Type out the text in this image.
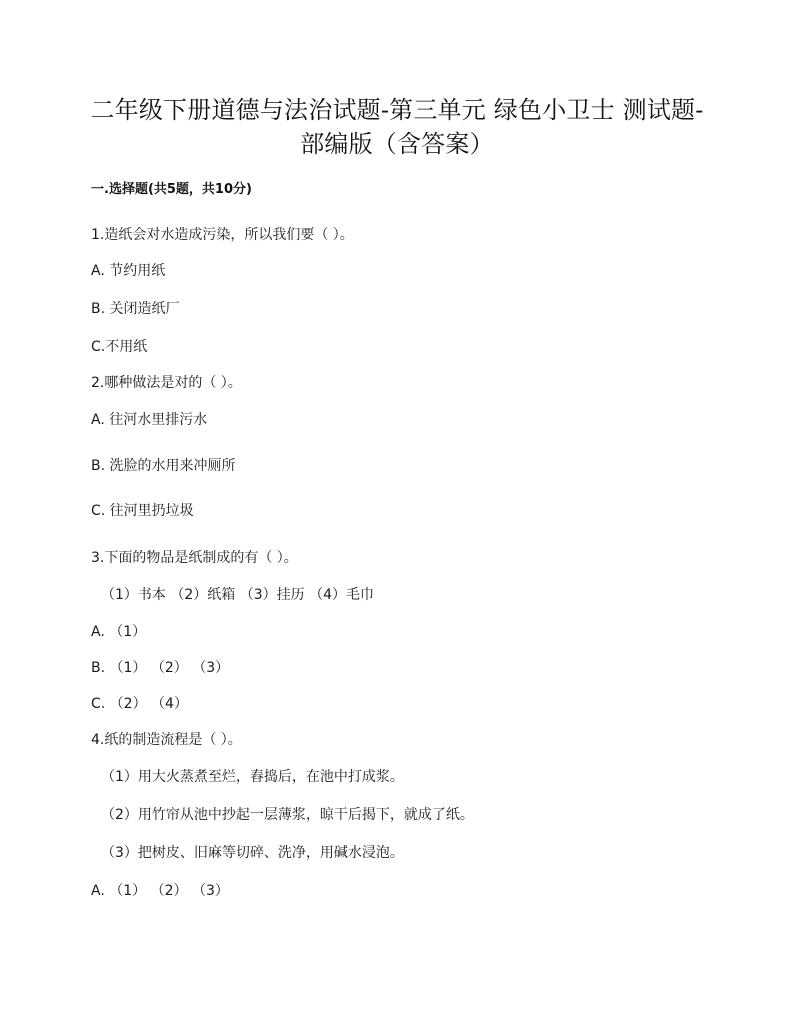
二年级下册道德与法治试题-第三单元 绿色小卫士 测试题-
部编版（含答案）
一.选择题(共5题，共10分)
1.造纸会对水造成污染，所以我们要（ ）。
A. 节约用纸
B. 关闭造纸厂
C.不用纸
2.哪种做法是对的（ ）。
A. 往河水里排污水
B. 洗脸的水用来冲厕所
C. 往河里扔垃圾
3.下面的物品是纸制成的有（ ）。
（1）书本 （2）纸箱 （3）挂历 （4）毛巾
A. （1）
B. （1） （2） （3）
C. （2） （4）
4.纸的制造流程是（ ）。
（1）用大火蒸煮至烂，舂捣后，在池中打成浆。
（2）用竹帘从池中抄起一层薄浆，晾干后揭下，就成了纸。
（3）把树皮、旧麻等切碎、洗净，用碱水浸泡。
A. （1） （2） （3）
